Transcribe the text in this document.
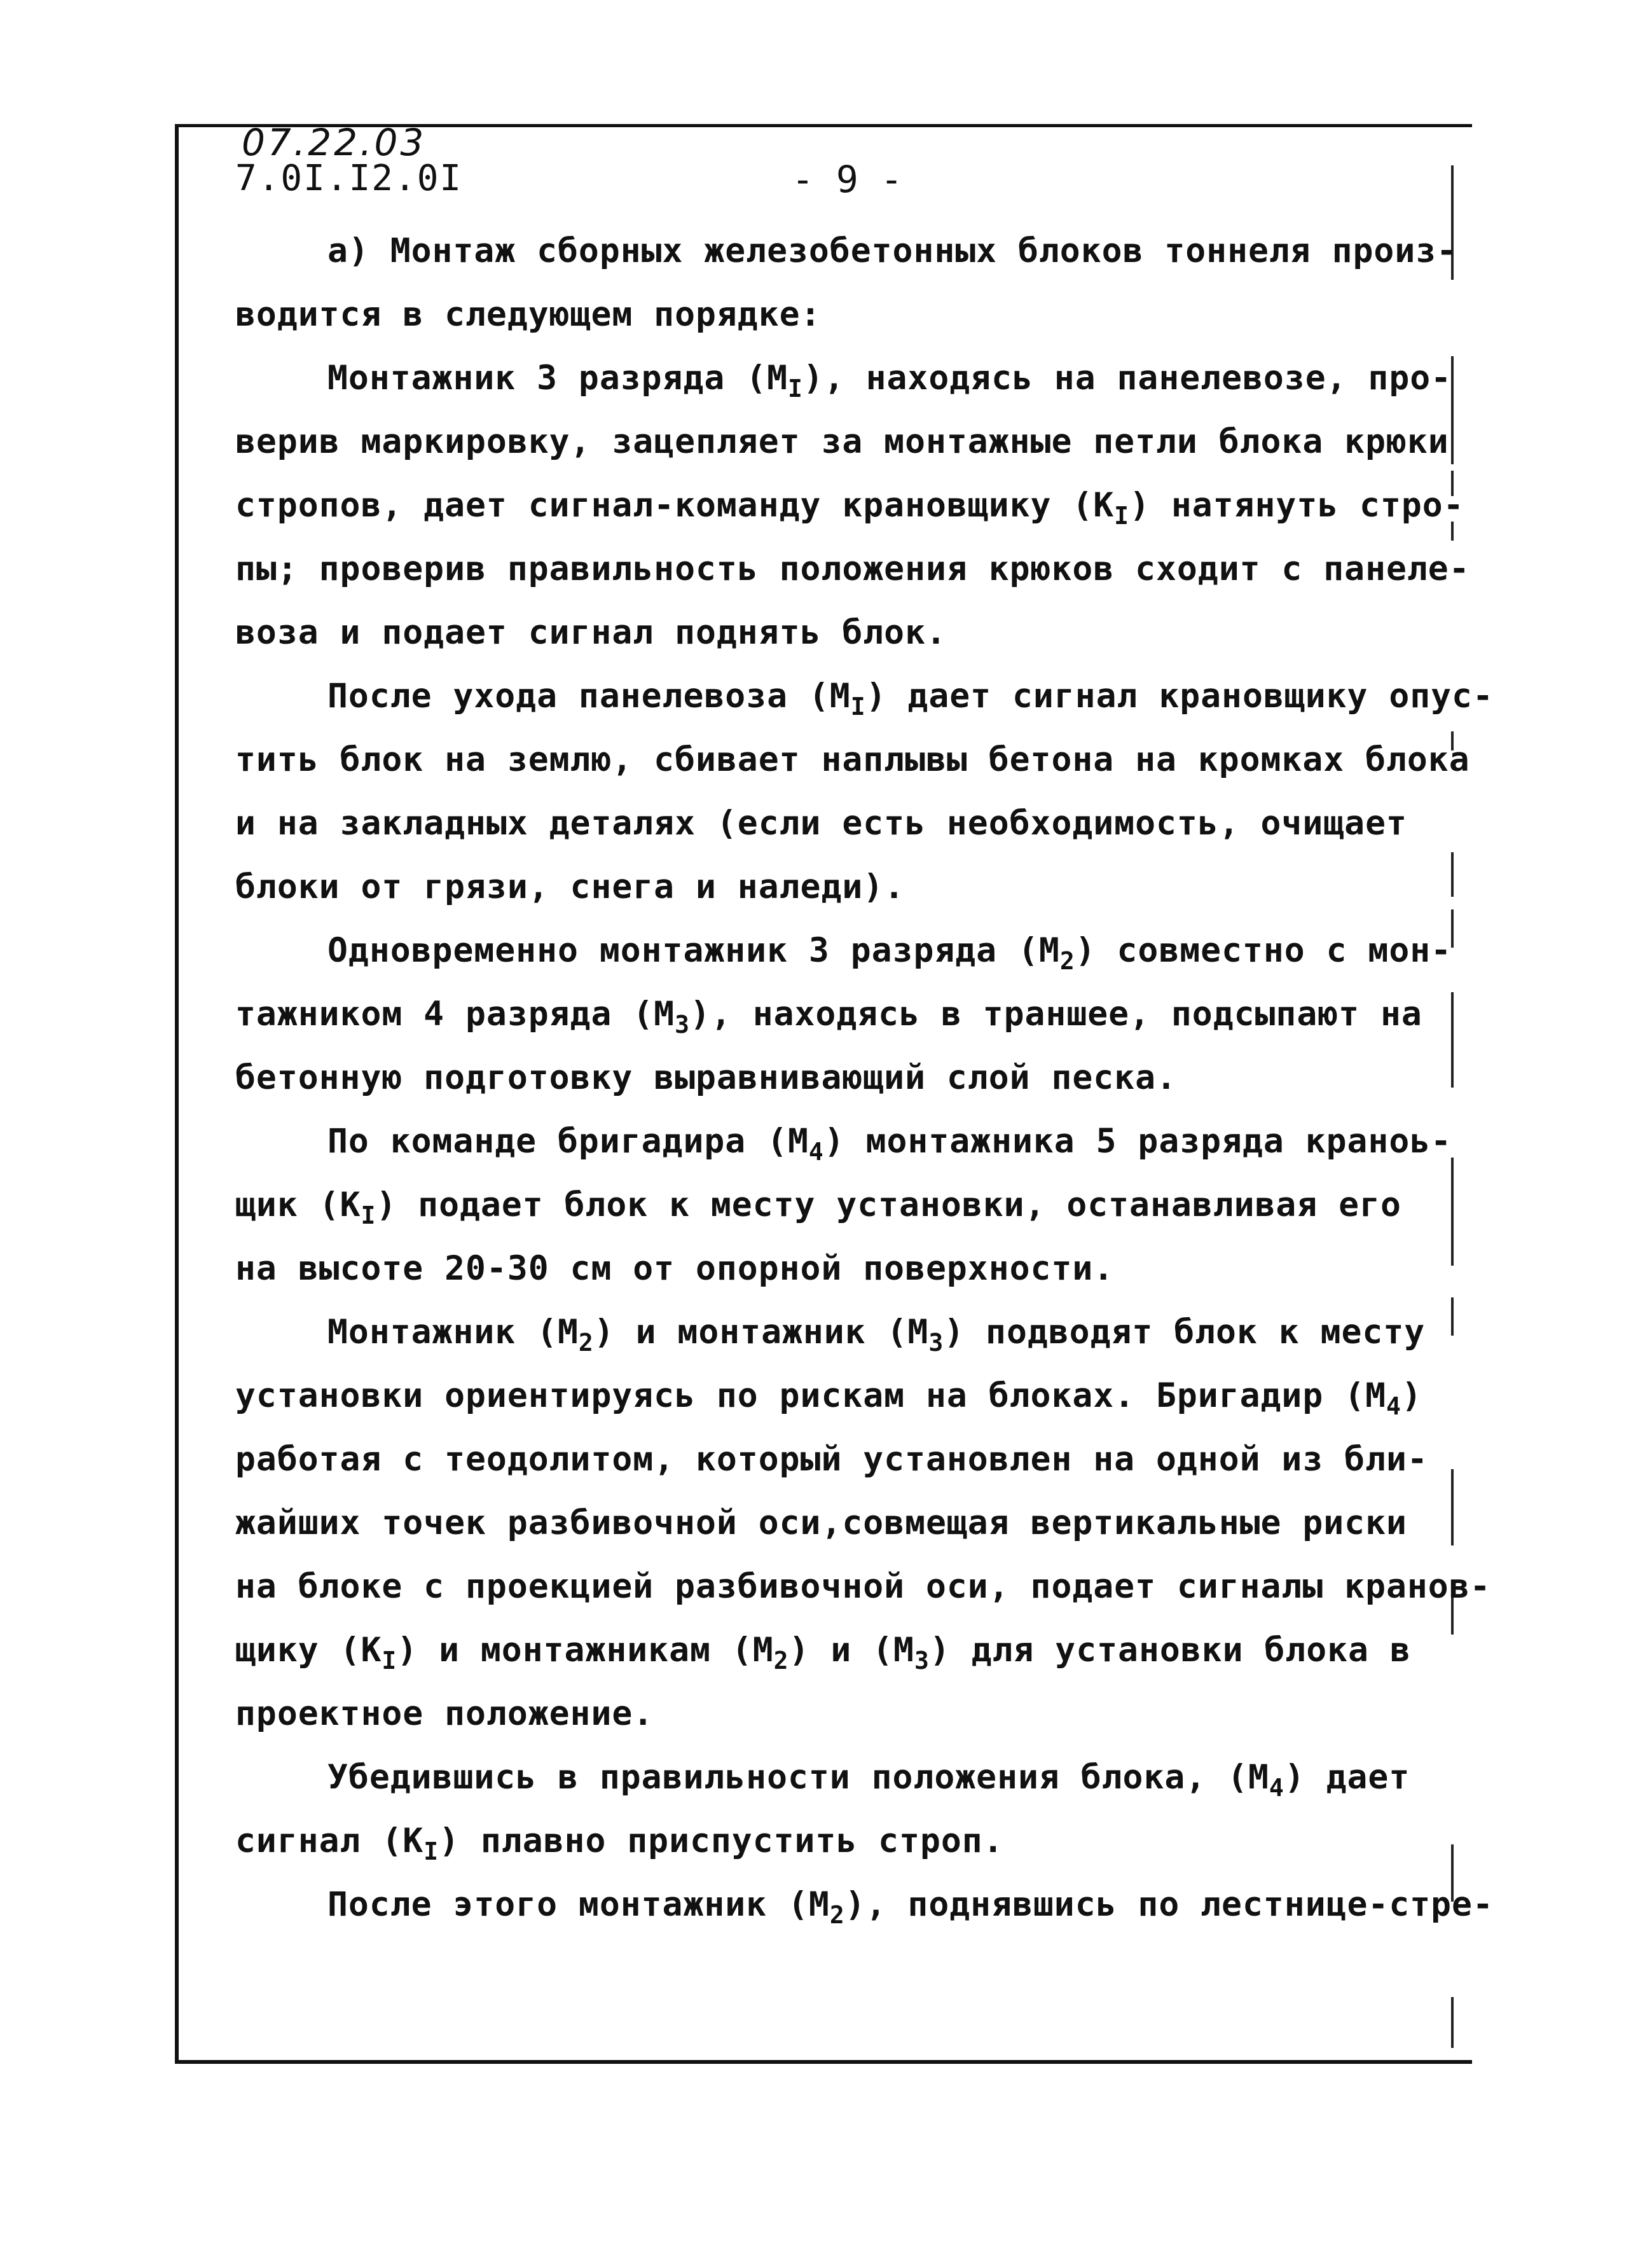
07.22.03
7.0I.I2.0I	- 9 -
а) Монтаж сборных железобетонных блоков тоннеля произ-
водится в следующем порядке:
Монтажник 3 разряда $(М_I)$, находясь на панелевозе, про-
верив маркировку, зацепляет за монтажные петли блока крюки
стропов, дает сигнал-команду крановщику $(К_I)$ натянуть стро-
пы; проверив правильность положения крюков сходит с панеле-
воза и подает сигнал поднять блок.
После ухода панелевоза $(М_I)$ дает сигнал крановщику опус-
тить блок на землю, сбивает наплывы бетона на кромках блока
и на закладных деталях (если есть необходимость, очищает
блоки от грязи, снега и наледи).
Одновременно монтажник 3 разряда $(М_2)$ совместно с мон-
тажником 4 разряда $(М_3)$, находясь в траншее, подсыпают на
бетонную подготовку выравнивающий слой песка.
По команде бригадира $(М_4)$ монтажника 5 разряда краноь-
щик $(К_I)$ подает блок к месту установки, останавливая его
на высоте 20-30 см от опорной поверхности.
Монтажник $(М_2)$ и монтажник $(М_3)$ подводят блок к месту
установки ориентируясь по рискам на блоках. Бригадир $(М_4)$
работая с теодолитом, который установлен на одной из бли-
жайших точек разбивочной оси,совмещая вертикальные риски
на блоке с проекцией разбивочной оси, подает сигналы кранов-
щику $(К_I)$ и монтажникам $(М_2)$ и $(М_3)$ для установки блока в
проектное положение.
Убедившись в правильности положения блока, $(М_4)$ дает
сигнал $(К_I)$ плавно приспустить строп.
После этого монтажник $(М_2)$, поднявшись по лестнице-стре-
